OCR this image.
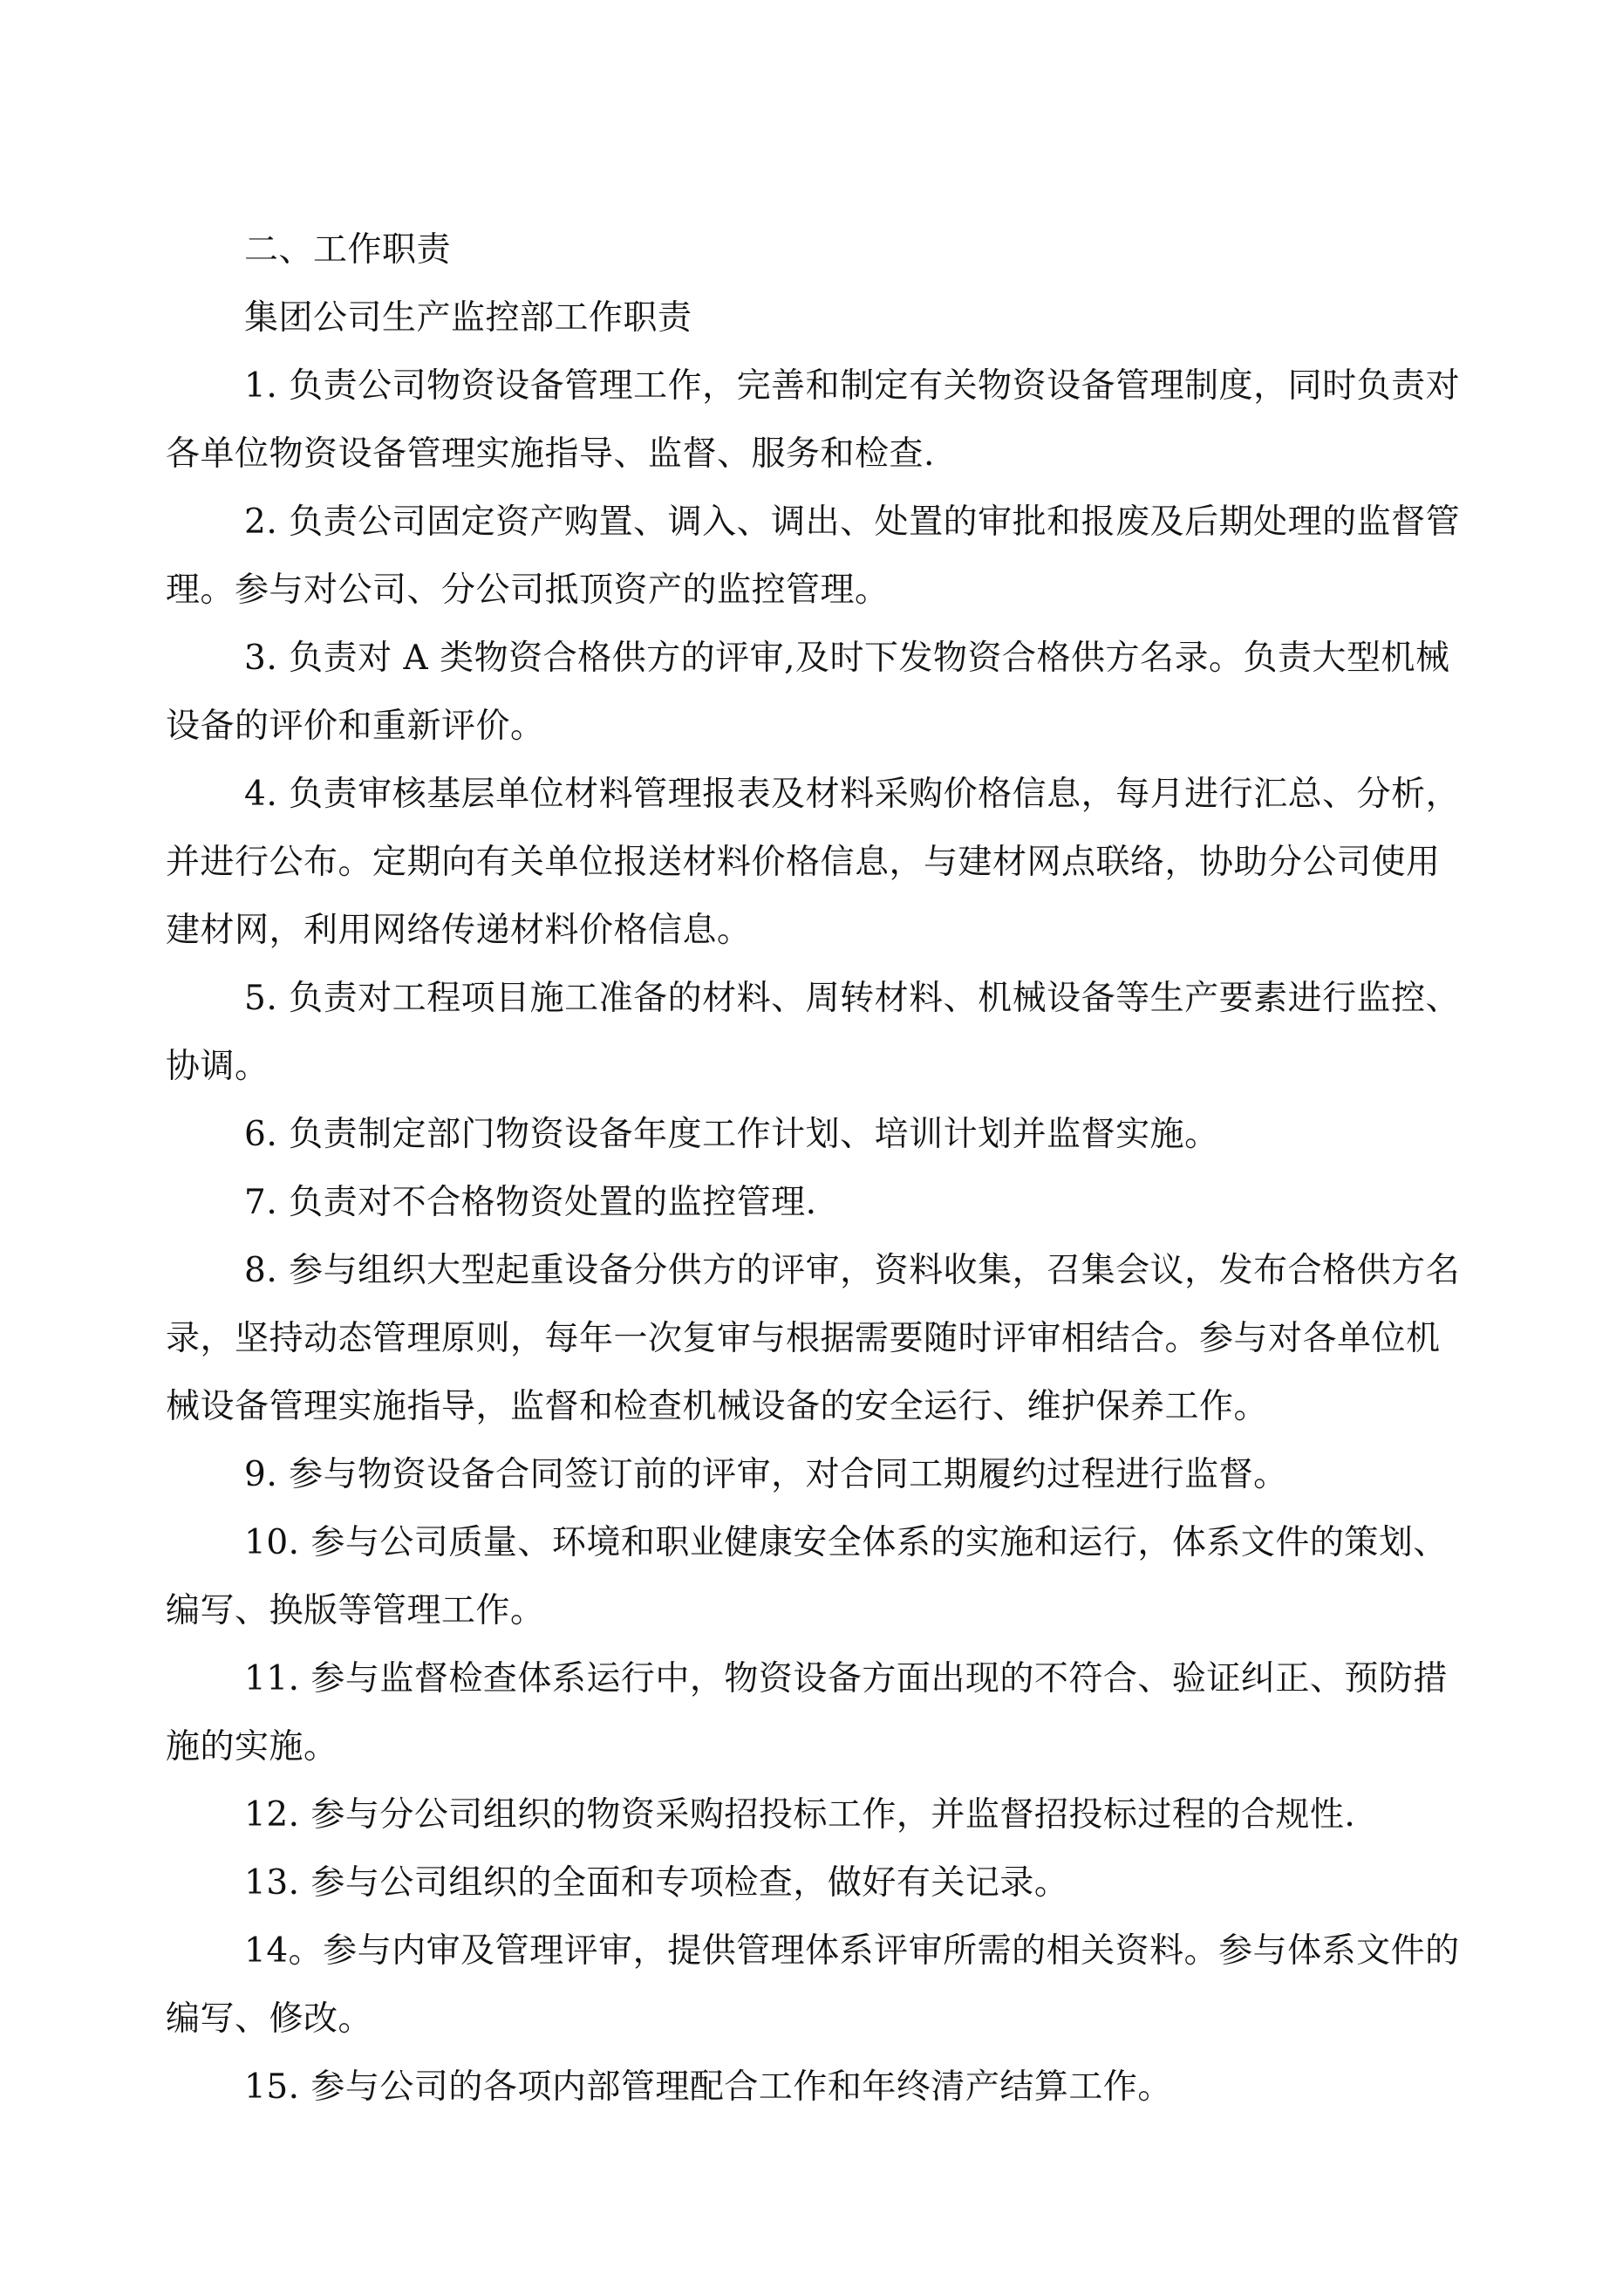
二、工作职责

集团公司生产监控部工作职责

1. 负责公司物资设备管理工作，完善和制定有关物资设备管理制度，同时负责对各单位物资设备管理实施指导、监督、服务和检查.

2. 负责公司固定资产购置、调入、调出、处置的审批和报废及后期处理的监督管理。参与对公司、分公司抵顶资产的监控管理。

3. 负责对 A 类物资合格供方的评审,及时下发物资合格供方名录。负责大型机械设备的评价和重新评价。

4. 负责审核基层单位材料管理报表及材料采购价格信息，每月进行汇总、分析，并进行公布。定期向有关单位报送材料价格信息，与建材网点联络，协助分公司使用建材网，利用网络传递材料价格信息。

5. 负责对工程项目施工准备的材料、周转材料、机械设备等生产要素进行监控、协调。

6. 负责制定部门物资设备年度工作计划、培训计划并监督实施。

7. 负责对不合格物资处置的监控管理.

8. 参与组织大型起重设备分供方的评审，资料收集，召集会议，发布合格供方名录，坚持动态管理原则，每年一次复审与根据需要随时评审相结合。参与对各单位机械设备管理实施指导，监督和检查机械设备的安全运行、维护保养工作。

9. 参与物资设备合同签订前的评审，对合同工期履约过程进行监督。

10. 参与公司质量、环境和职业健康安全体系的实施和运行，体系文件的策划、编写、换版等管理工作。

11. 参与监督检查体系运行中，物资设备方面出现的不符合、验证纠正、预防措施的实施。

12. 参与分公司组织的物资采购招投标工作，并监督招投标过程的合规性.

13. 参与公司组织的全面和专项检查，做好有关记录。

14。参与内审及管理评审，提供管理体系评审所需的相关资料。参与体系文件的编写、修改。

15. 参与公司的各项内部管理配合工作和年终清产结算工作。
